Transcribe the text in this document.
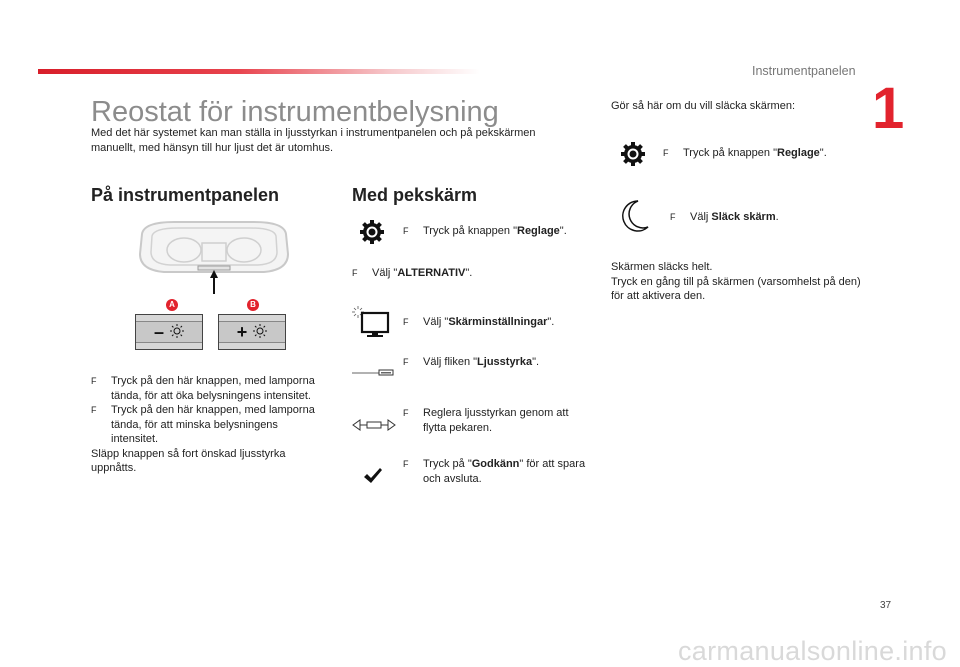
Instrumentpanelen
1
Reostat för instrumentbelysning
Med det här systemet kan man ställa in ljusstyrkan i instrumentpanelen och på pekskärmen manuellt, med hänsyn till hur ljust det är utomhus.
På instrumentpanelen
A	B
–	+
F	Tryck på den här knappen, med lamporna tända, för att öka belysningens intensitet.
F	Tryck på den här knappen, med lamporna tända, för att minska belysningens intensitet.
Släpp knappen så fort önskad ljusstyrka uppnåtts.
Med pekskärm
F	Tryck på knappen "Reglage".
F	Välj "ALTERNATIV".
F	Välj "Skärminställningar".
F	Välj fliken "Ljusstyrka".
F	Reglera ljusstyrkan genom att flytta pekaren.
F	Tryck på "Godkänn" för att spara och avsluta.
Gör så här om du vill släcka skärmen:
F	Tryck på knappen "Reglage".
F	Välj Släck skärm.
Skärmen släcks helt.
Tryck en gång till på skärmen (varsomhelst på den) för att aktivera den.
37
carmanualsonline.info
